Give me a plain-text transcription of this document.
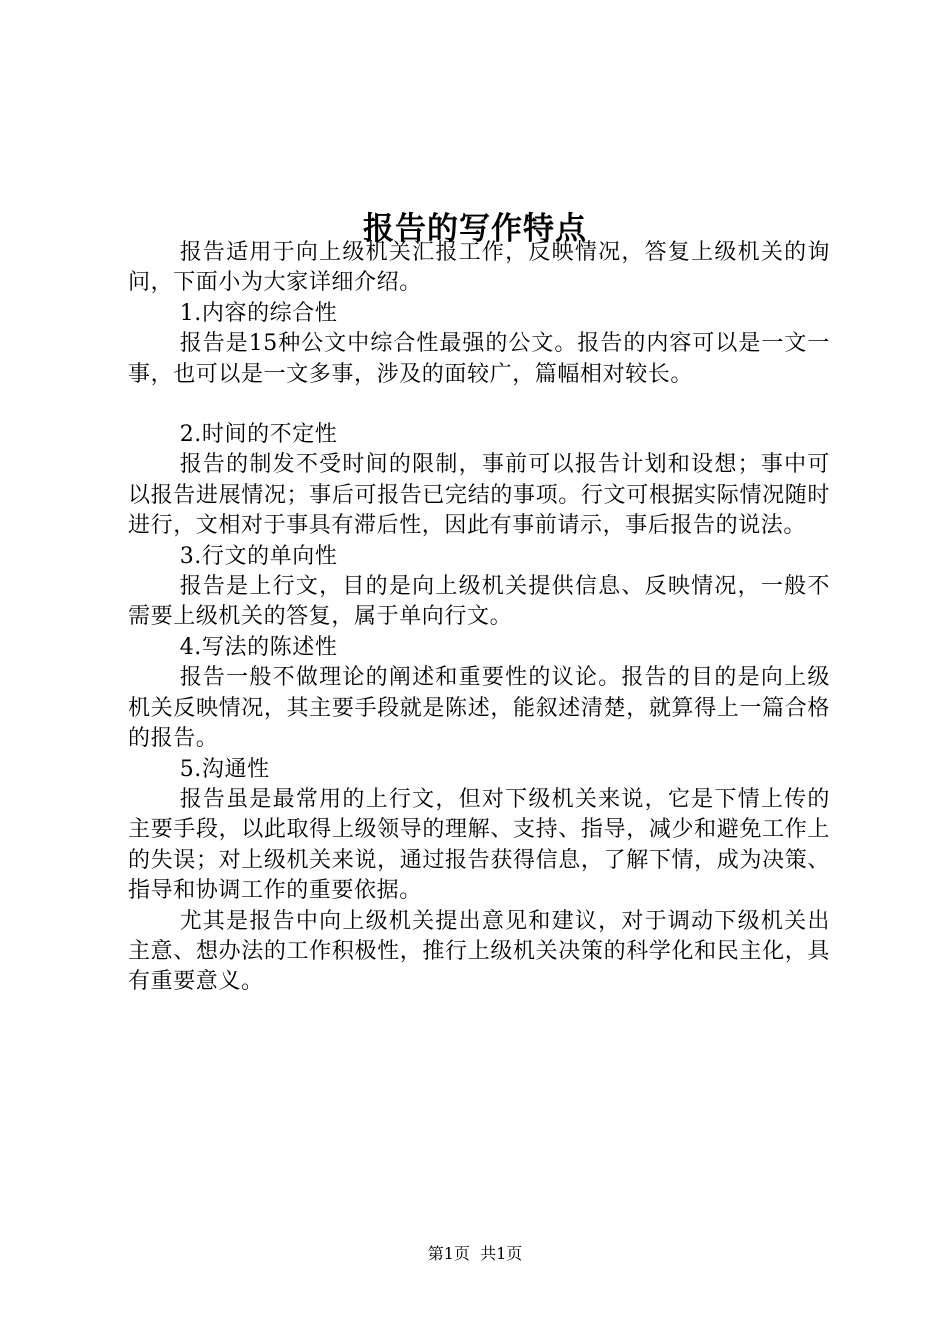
报告的写作特点

报告适用于向上级机关汇报工作，反映情况，答复上级机关的询问，下面小为大家详细介绍。

1.内容的综合性

报告是15种公文中综合性最强的公文。报告的内容可以是一文一事，也可以是一文多事，涉及的面较广，篇幅相对较长。

2.时间的不定性

报告的制发不受时间的限制，事前可以报告计划和设想；事中可以报告进展情况；事后可报告已完结的事项。行文可根据实际情况随时进行，文相对于事具有滞后性，因此有事前请示，事后报告的说法。

3.行文的单向性

报告是上行文，目的是向上级机关提供信息、反映情况，一般不需要上级机关的答复，属于单向行文。

4.写法的陈述性

报告一般不做理论的阐述和重要性的议论。报告的目的是向上级机关反映情况，其主要手段就是陈述，能叙述清楚，就算得上一篇合格的报告。

5.沟通性

报告虽是最常用的上行文，但对下级机关来说，它是下情上传的主要手段，以此取得上级领导的理解、支持、指导，减少和避免工作上的失误；对上级机关来说，通过报告获得信息，了解下情，成为决策、指导和协调工作的重要依据。

尤其是报告中向上级机关提出意见和建议，对于调动下级机关出主意、想办法的工作积极性，推行上级机关决策的科学化和民主化，具有重要意义。

第1页 共1页
